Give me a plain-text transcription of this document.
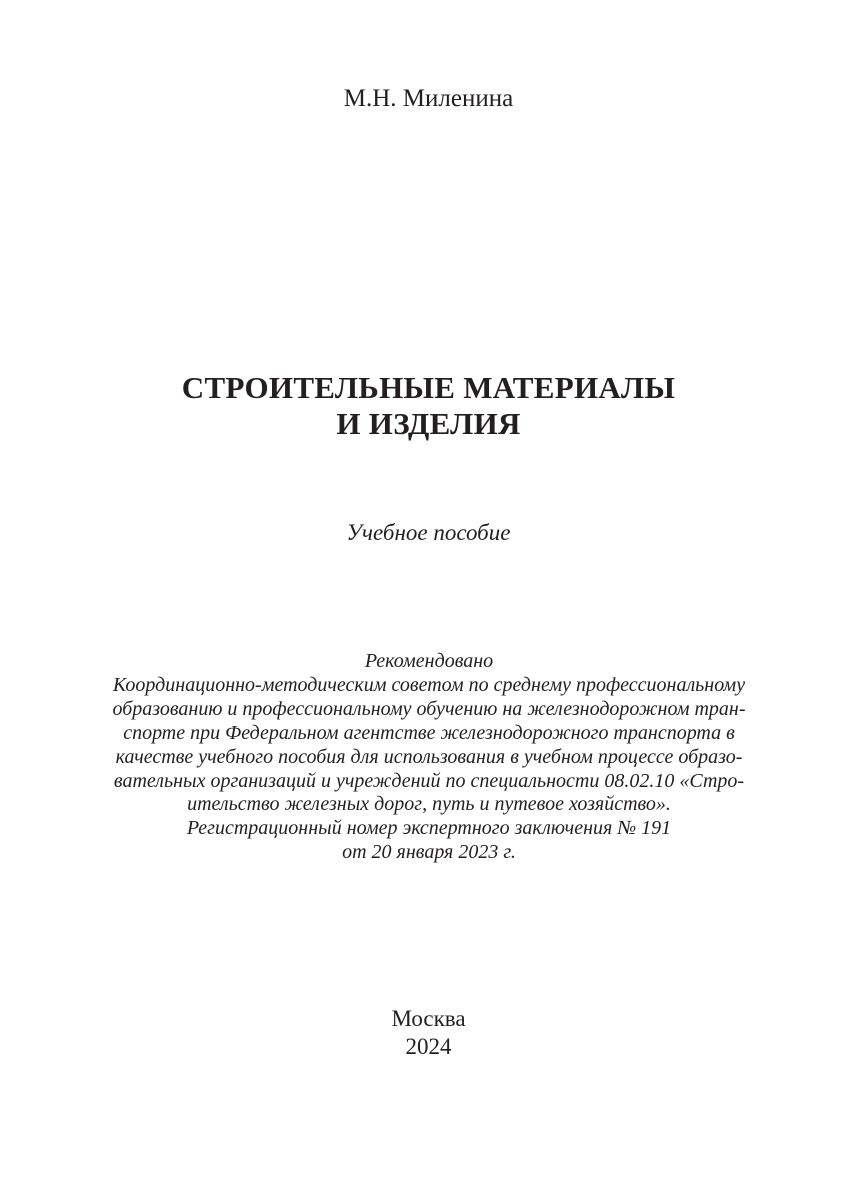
М.Н. Миленина
СТРОИТЕЛЬНЫЕ МАТЕРИАЛЫ
И ИЗДЕЛИЯ
Учебное пособие
Рекомендовано
Координационно-методическим советом по среднему профессиональному
образованию и профессиональному обучению на железнодорожном тран-
спорте при Федеральном агентстве железнодорожного транспорта в
качестве учебного пособия для использования в учебном процессе образо-
вательных организаций и учреждений по специальности 08.02.10 «Стро-
ительство железных дорог, путь и путевое хозяйство».
Регистрационный номер экспертного заключения № 191
от 20 января 2023 г.
Москва
2024
